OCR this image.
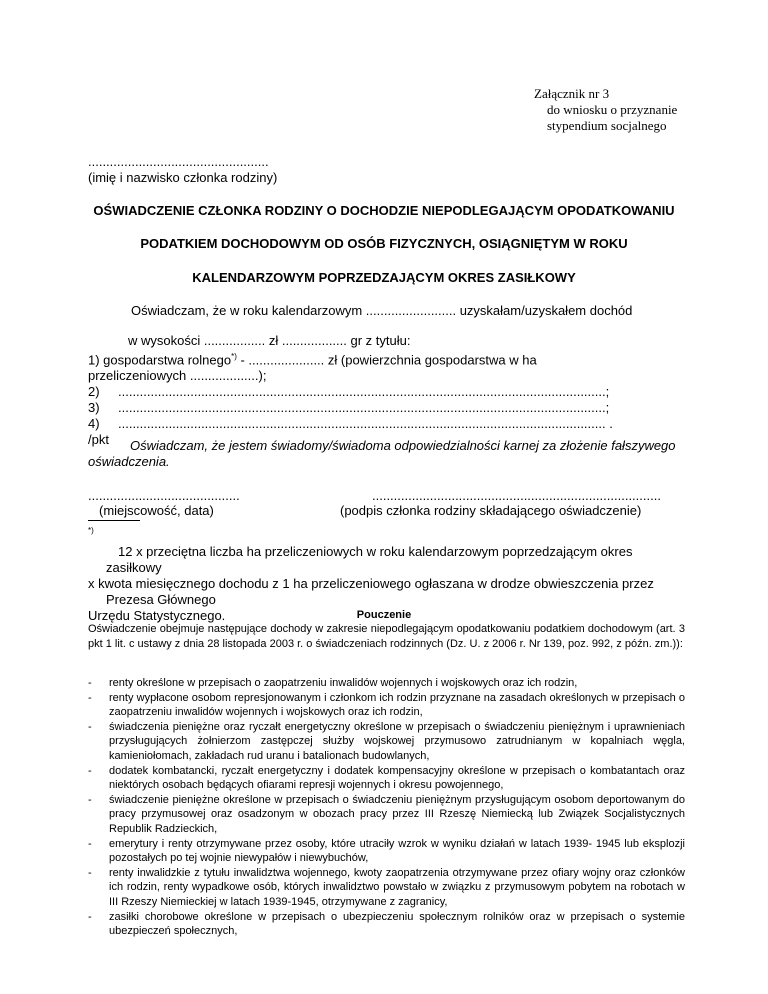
Załącznik nr 3
do wniosku o przyznanie
stypendium socjalnego
..................................................
(imię i nazwisko członka rodziny)
OŚWIADCZENIE CZŁONKA RODZINY O DOCHODZIE NIEPODLEGAJĄCYM OPODATKOWANIU
PODATKIEM DOCHODOWYM OD OSÓB FIZYCZNYCH, OSIĄGNIĘTYM W ROKU
KALENDARZOWYM POPRZEDZAJĄCYM OKRES ZASIŁKOWY
Oświadczam, że w roku kalendarzowym ......................... uzyskałam/uzyskałem dochód
w wysokości ................. zł .................. gr z tytułu:
1) gospodarstwa rolnego*) - ..................... zł (powierzchnia gospodarstwa w ha
przeliczeniowych ...................);
2)	.......................................................................................................................................;
3)	.......................................................................................................................................;
4)	....................................................................................................................................... .
/pkt	Oświadczam, że jestem świadomy/świadoma odpowiedzialności karnej za złożenie fałszywego
oświadczenia.
..........................................	................................................................................
(miejscowość, data)	(podpis członka rodziny składającego oświadczenie)
*)
12 x przeciętna liczba ha przeliczeniowych w roku kalendarzowym poprzedzającym okres
zasiłkowy
x kwota miesięcznego dochodu z 1 ha przeliczeniowego ogłaszana w drodze obwieszczenia przez
Prezesa Głównego
Urzędu Statystycznego.	Pouczenie
Oświadczenie obejmuje następujące dochody w zakresie niepodlegającym opodatkowaniu podatkiem dochodowym (art. 3 pkt 1 lit. c ustawy z dnia 28 listopada 2003 r. o świadczeniach rodzinnych (Dz. U. z 2006 r. Nr 139, poz. 992, z późn. zm.)):
- renty określone w przepisach o zaopatrzeniu inwalidów wojennych i wojskowych oraz ich rodzin,
- renty wypłacone osobom represjonowanym i członkom ich rodzin przyznane na zasadach określonych w przepisach o zaopatrzeniu inwalidów wojennych i wojskowych oraz ich rodzin,
- świadczenia pieniężne oraz ryczałt energetyczny określone w przepisach o świadczeniu pieniężnym i uprawnieniach przysługujących żołnierzom zastępczej służby wojskowej przymusowo zatrudnianym w kopalniach węgla, kamieniołomach, zakładach rud uranu i batalionach budowlanych,
- dodatek kombatancki, ryczałt energetyczny i dodatek kompensacyjny określone w przepisach o kombatantach oraz niektórych osobach będących ofiarami represji wojennych i okresu powojennego,
- świadczenie pieniężne określone w przepisach o świadczeniu pieniężnym przysługującym osobom deportowanym do pracy przymusowej oraz osadzonym w obozach pracy przez III Rzeszę Niemiecką lub Związek Socjalistycznych Republik Radzieckich,
- emerytury i renty otrzymywane przez osoby, które utraciły wzrok w wyniku działań w latach 1939- 1945 lub eksplozji pozostałych po tej wojnie niewypałów i niewybuchów,
- renty inwalidzkie z tytułu inwalidztwa wojennego, kwoty zaopatrzenia otrzymywane przez ofiary wojny oraz członków ich rodzin, renty wypadkowe osób, których inwalidztwo powstało w związku z przymusowym pobytem na robotach w III Rzeszy Niemieckiej w latach 1939-1945, otrzymywane z zagranicy,
- zasiłki chorobowe określone w przepisach o ubezpieczeniu społecznym rolników oraz w przepisach o systemie ubezpieczeń społecznych,
